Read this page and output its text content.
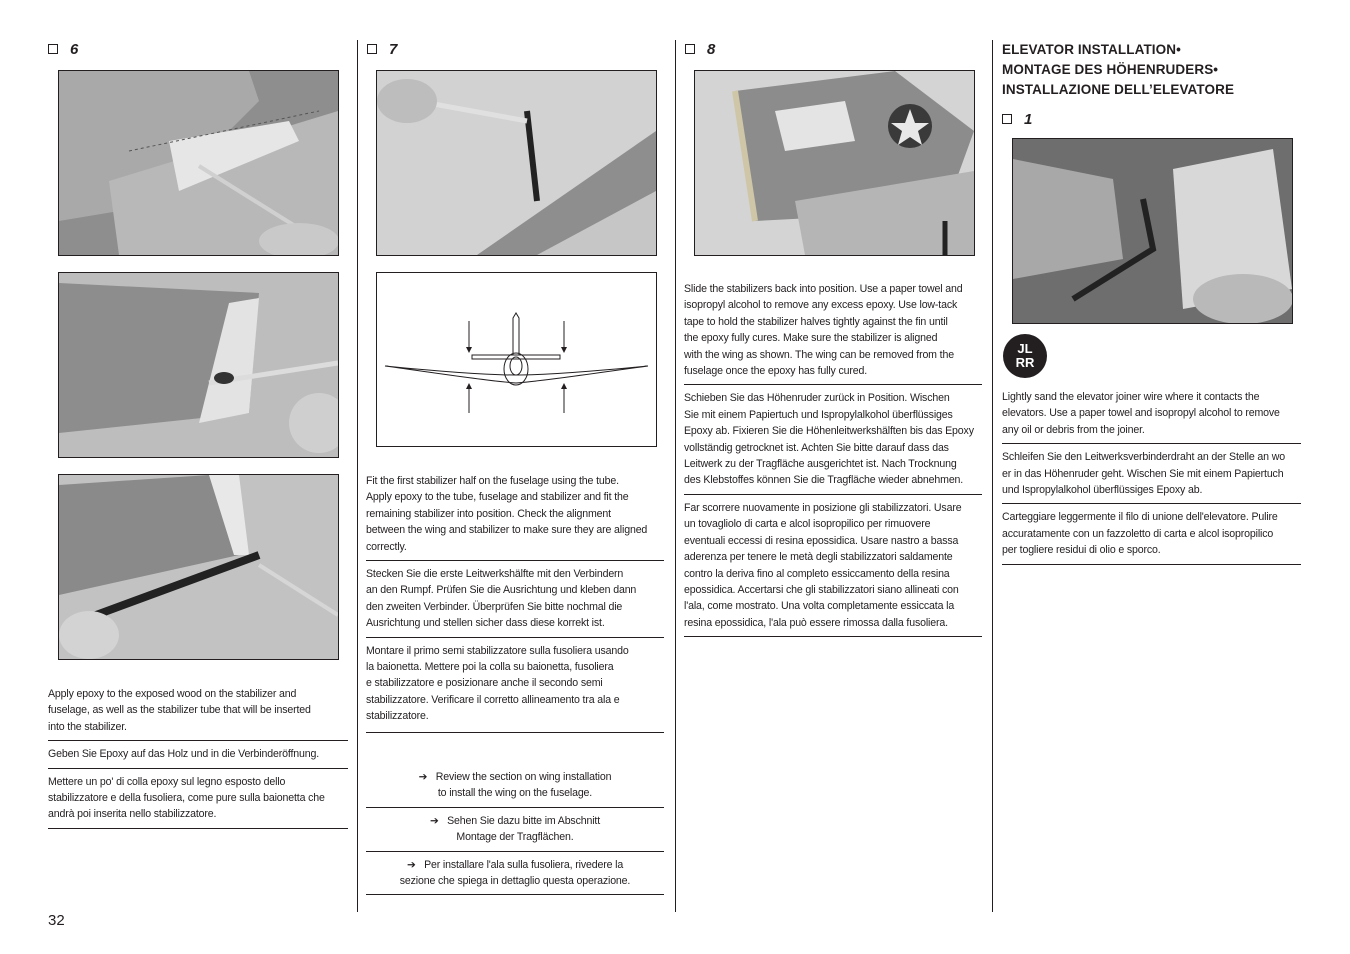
6
Apply epoxy to the exposed wood on the stabilizer and
fuselage, as well as the stabilizer tube that will be inserted
into the stabilizer.
Geben Sie Epoxy auf das Holz und in die Verbinderöffnung.
Mettere un po' di colla epoxy sul legno esposto dello
stabilizzatore e della fusoliera, come pure sulla baionetta che
andrà poi inserita nello stabilizzatore.
7
Fit the first stabilizer half on the fuselage using the tube.
Apply epoxy to the tube, fuselage and stabilizer and fit the
remaining stabilizer into position. Check the alignment
between the wing and stabilizer to make sure they are aligned
correctly.
Stecken Sie die erste Leitwerkshälfte mit den Verbindern
an den Rumpf. Prüfen Sie die Ausrichtung und kleben dann
den zweiten Verbinder. Überprüfen Sie bitte nochmal die
Ausrichtung und stellen sicher dass diese korrekt ist.
Montare il primo semi stabilizzatore sulla fusoliera usando
la baionetta. Mettere poi la colla su baionetta, fusoliera
e stabilizzatore e posizionare anche il secondo semi
stabilizzatore. Verificare il corretto allineamento tra ala e
stabilizzatore.
➔ Review the section on wing installation
to install the wing on the fuselage.
➔ Sehen Sie dazu bitte im Abschnitt
Montage der Tragflächen.
➔ Per installare l'ala sulla fusoliera, rivedere la
sezione che spiega in dettaglio questa operazione.
8
Slide the stabilizers back into position. Use a paper towel and
isopropyl alcohol to remove any excess epoxy. Use low-tack
tape to hold the stabilizer halves tightly against the fin until
the epoxy fully cures. Make sure the stabilizer is aligned
with the wing as shown. The wing can be removed from the
fuselage once the epoxy has fully cured.
Schieben Sie das Höhenruder zurück in Position. Wischen
Sie mit einem Papiertuch und Ispropylalkohol überflüssiges
Epoxy ab. Fixieren Sie die Höhenleitwerkshälften bis das Epoxy
vollständig getrocknet ist. Achten Sie bitte darauf dass das
Leitwerk zu der Tragfläche ausgerichtet ist. Nach Trocknung
des Klebstoffes können Sie die Tragfläche wieder abnehmen.
Far scorrere nuovamente in posizione gli stabilizzatori. Usare
un tovagliolo di carta e alcol isopropilico per rimuovere
eventuali eccessi di resina epossidica. Usare nastro a bassa
aderenza per tenere le metà degli stabilizzatori saldamente
contro la deriva fino al completo essiccamento della resina
epossidica. Accertarsi che gli stabilizzatori siano allineati con
l'ala, come mostrato. Una volta completamente essiccata la
resina epossidica, l'ala può essere rimossa dalla fusoliera.
ELEVATOR INSTALLATION•
MONTAGE DES HÖHENRUDERS•
INSTALLAZIONE DELL’ELEVATORE
1
JL
RR
Lightly sand the elevator joiner wire where it contacts the
elevators. Use a paper towel and isopropyl alcohol to remove
any oil or debris from the joiner.
Schleifen Sie den Leitwerksverbinderdraht an der Stelle an wo
er in das Höhenruder geht. Wischen Sie mit einem Papiertuch
und Ispropylalkohol überflüssiges Epoxy ab.
Carteggiare leggermente il filo di unione dell'elevatore. Pulire
accuratamente con un fazzoletto di carta e alcol isopropilico
per togliere residui di olio e sporco.
32
